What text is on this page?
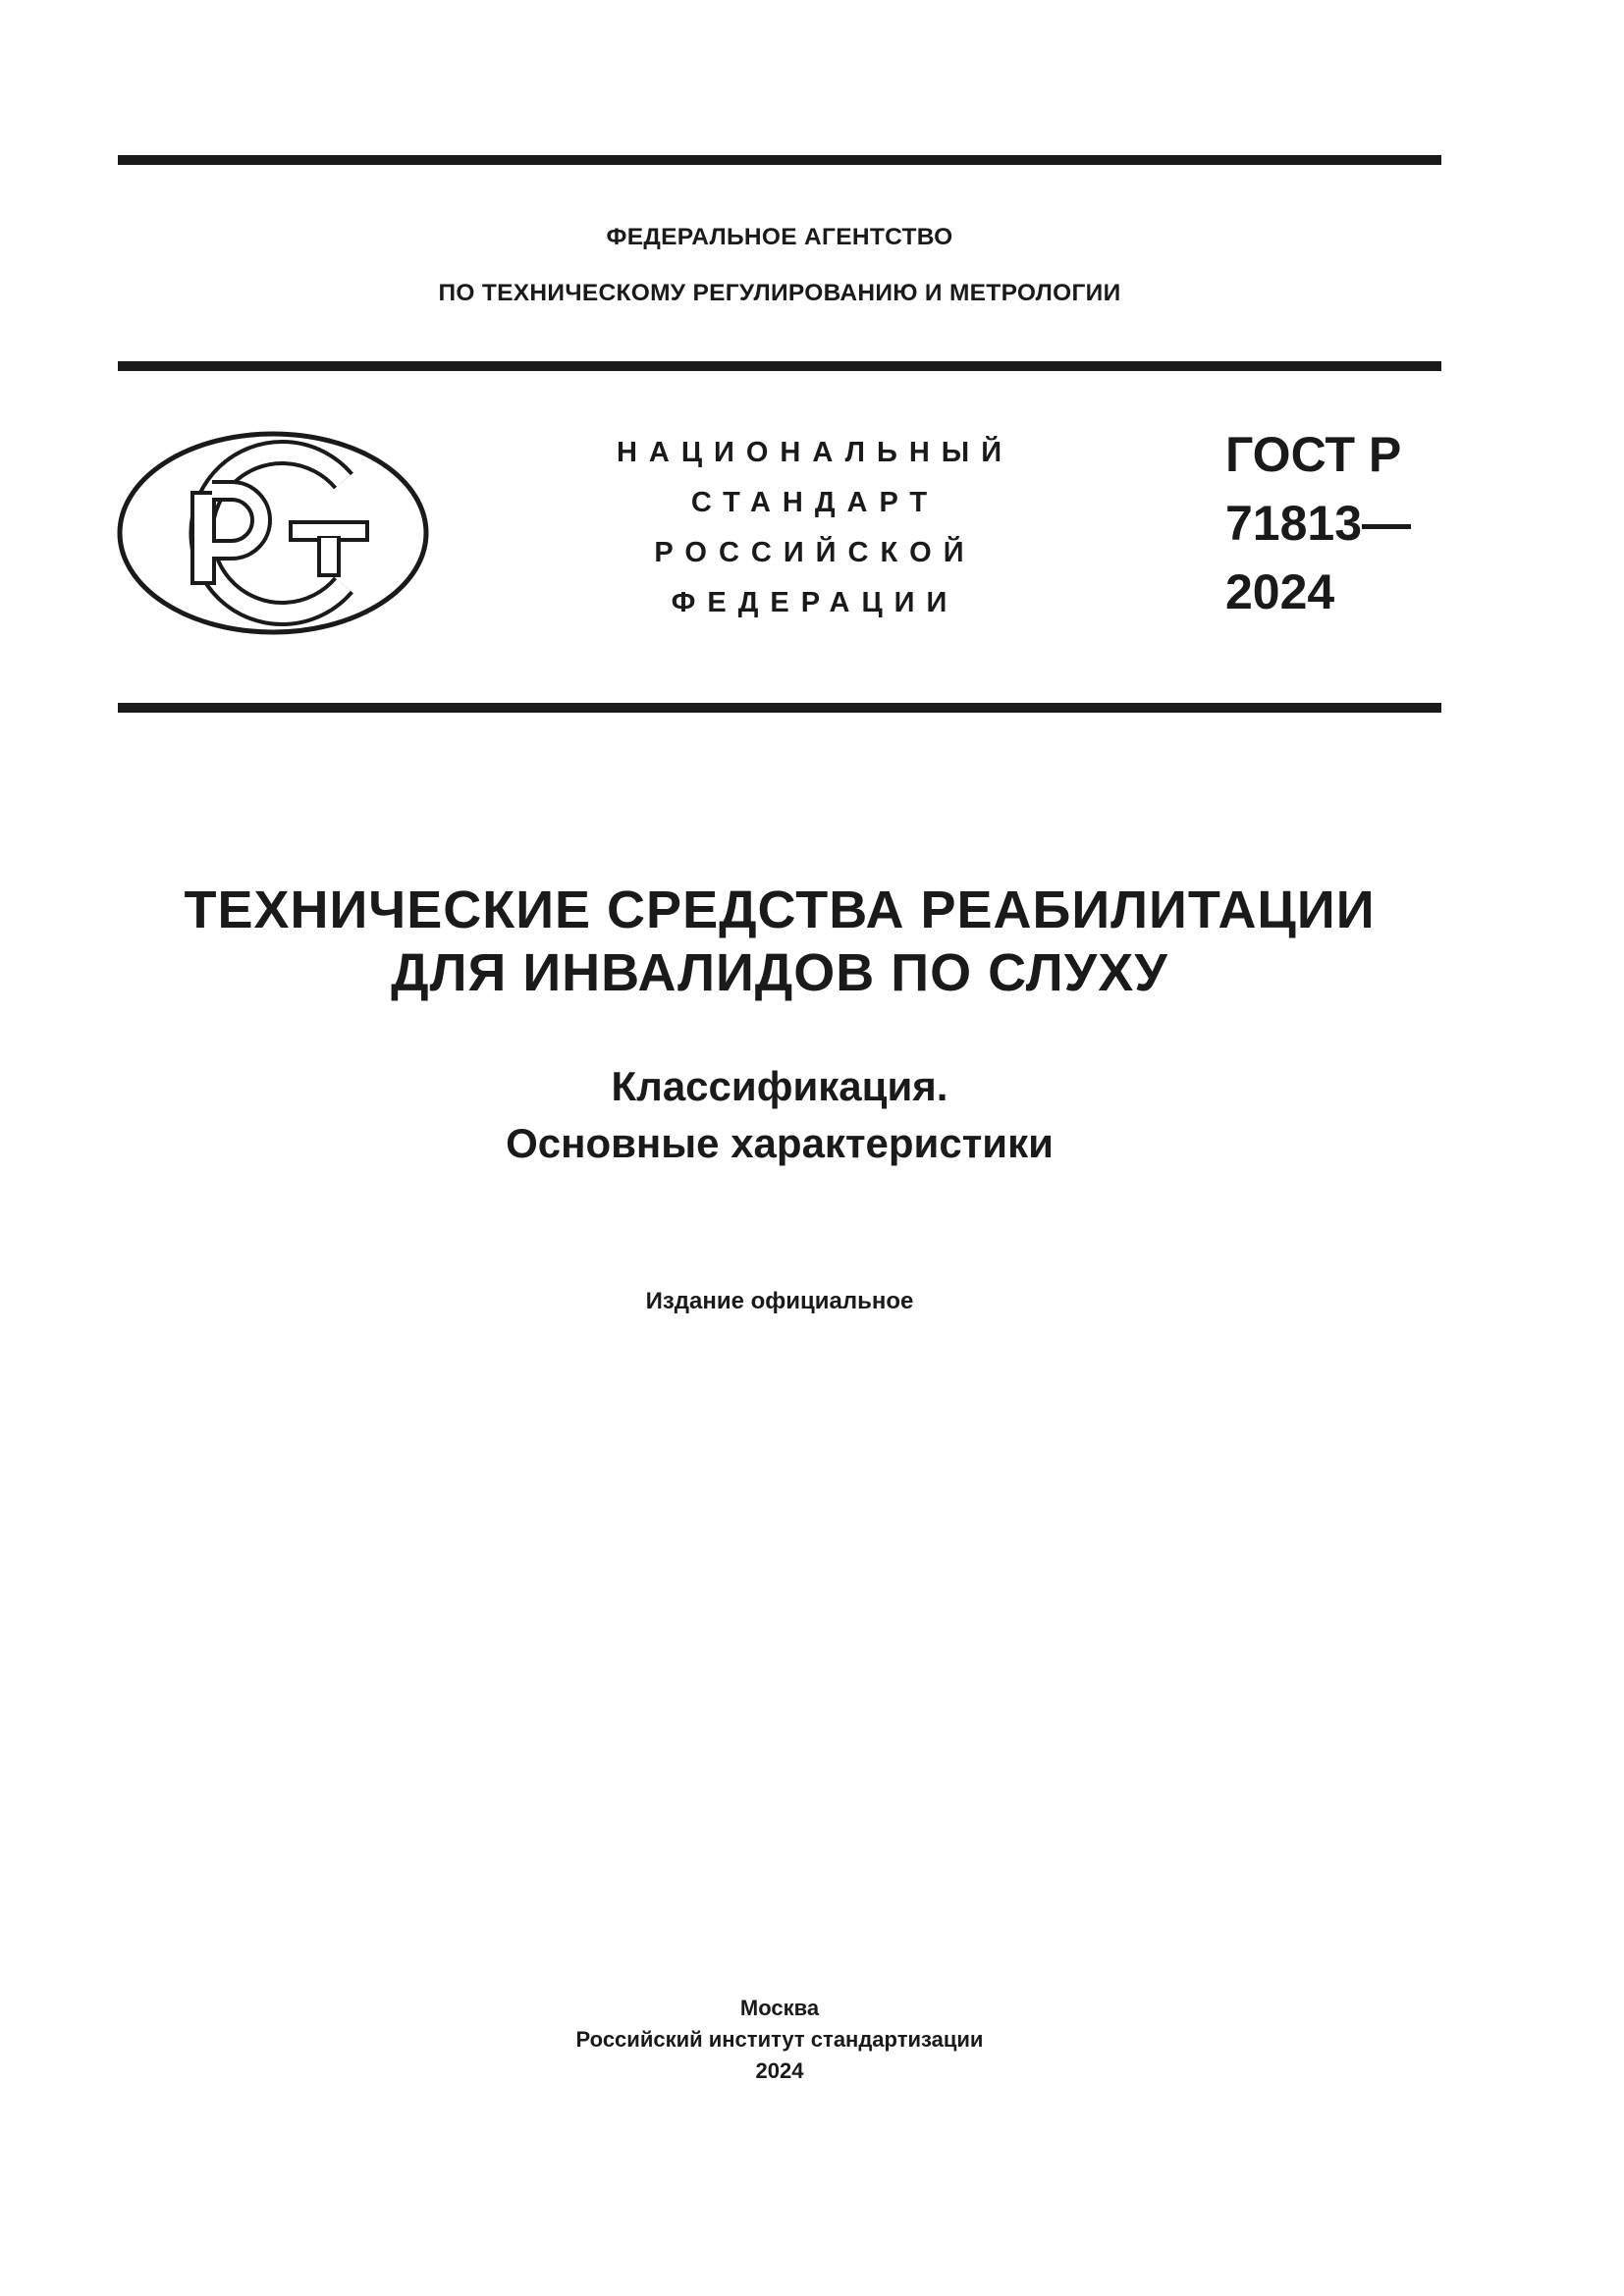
ФЕДЕРАЛЬНОЕ АГЕНТСТВО
ПО ТЕХНИЧЕСКОМУ РЕГУЛИРОВАНИЮ И МЕТРОЛОГИИ
НАЦИОНАЛЬНЫЙ
СТАНДАРТ
РОССИЙСКОЙ
ФЕДЕРАЦИИ
ГОСТ Р
71813—
2024
ТЕХНИЧЕСКИЕ СРЕДСТВА РЕАБИЛИТАЦИИ
ДЛЯ ИНВАЛИДОВ ПО СЛУХУ
Классификация.
Основные характеристики
Издание официальное
Москва
Российский институт стандартизации
2024
